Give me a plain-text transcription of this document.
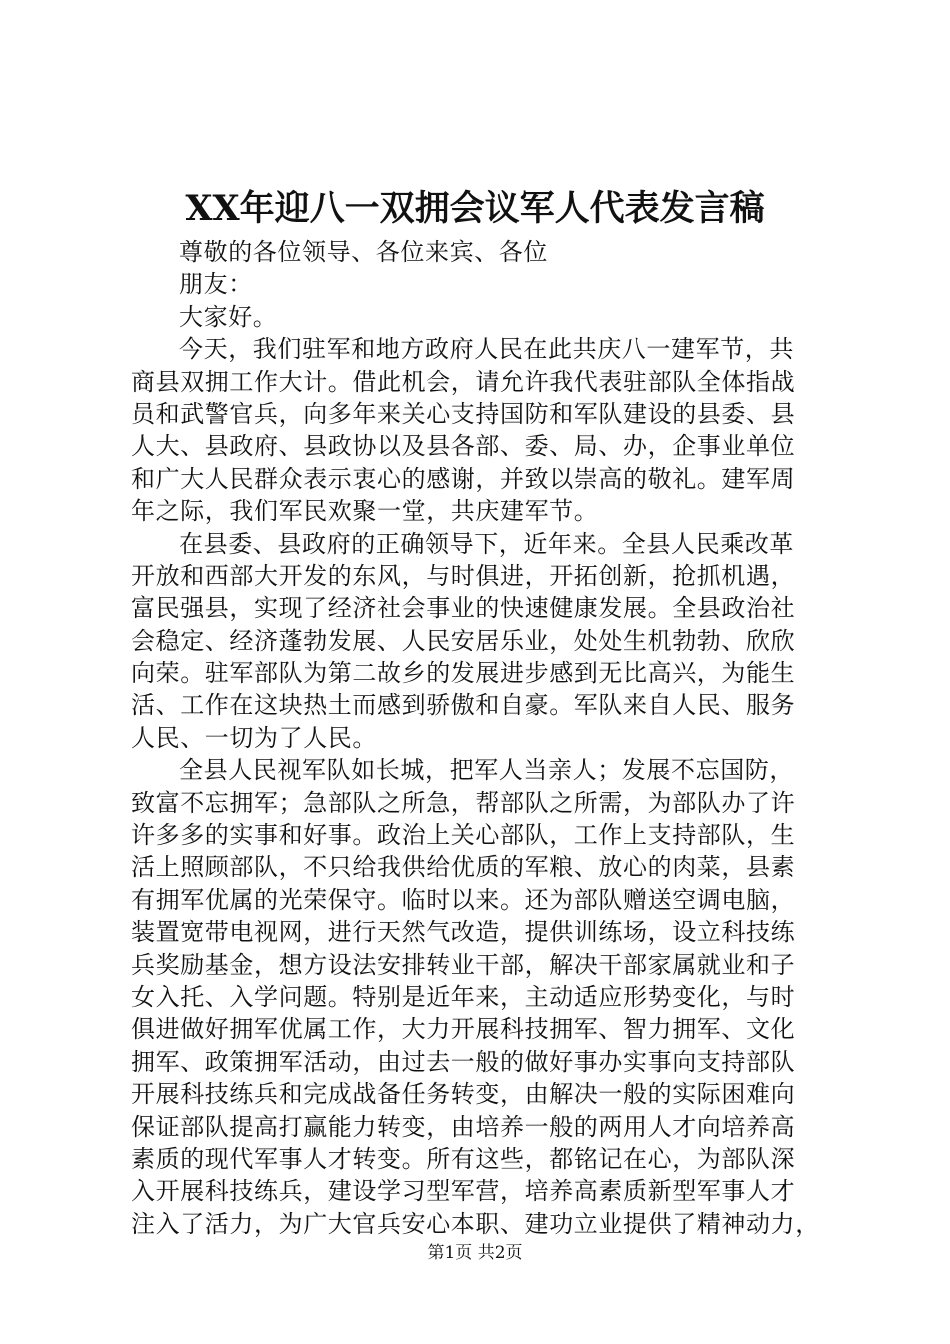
XX年迎八一双拥会议军人代表发言稿
尊敬的各位领导、各位来宾、各位
朋友：
大家好。
今天，我们驻军和地方政府人民在此共庆八一建军节，共
商县双拥工作大计。借此机会，请允许我代表驻部队全体指战
员和武警官兵，向多年来关心支持国防和军队建设的县委、县
人大、县政府、县政协以及县各部、委、局、办，企事业单位
和广大人民群众表示衷心的感谢，并致以崇高的敬礼。建军周
年之际，我们军民欢聚一堂，共庆建军节。
在县委、县政府的正确领导下，近年来。全县人民乘改革
开放和西部大开发的东风，与时俱进，开拓创新，抢抓机遇，
富民强县，实现了经济社会事业的快速健康发展。全县政治社
会稳定、经济蓬勃发展、人民安居乐业，处处生机勃勃、欣欣
向荣。驻军部队为第二故乡的发展进步感到无比高兴，为能生
活、工作在这块热土而感到骄傲和自豪。军队来自人民、服务
人民、一切为了人民。
全县人民视军队如长城，把军人当亲人；发展不忘国防，
致富不忘拥军；急部队之所急，帮部队之所需，为部队办了许
许多多的实事和好事。政治上关心部队，工作上支持部队，生
活上照顾部队，不只给我供给优质的军粮、放心的肉菜，县素
有拥军优属的光荣保守。临时以来。还为部队赠送空调电脑，
装置宽带电视网，进行天然气改造，提供训练场，设立科技练
兵奖励基金，想方设法安排转业干部，解决干部家属就业和子
女入托、入学问题。特别是近年来，主动适应形势变化，与时
俱进做好拥军优属工作，大力开展科技拥军、智力拥军、文化
拥军、政策拥军活动，由过去一般的做好事办实事向支持部队
开展科技练兵和完成战备任务转变，由解决一般的实际困难向
保证部队提高打赢能力转变，由培养一般的两用人才向培养高
素质的现代军事人才转变。所有这些，都铭记在心，为部队深
入开展科技练兵，建设学习型军营，培养高素质新型军事人才
注入了活力，为广大官兵安心本职、建功立业提供了精神动力，
第1页 共2页
